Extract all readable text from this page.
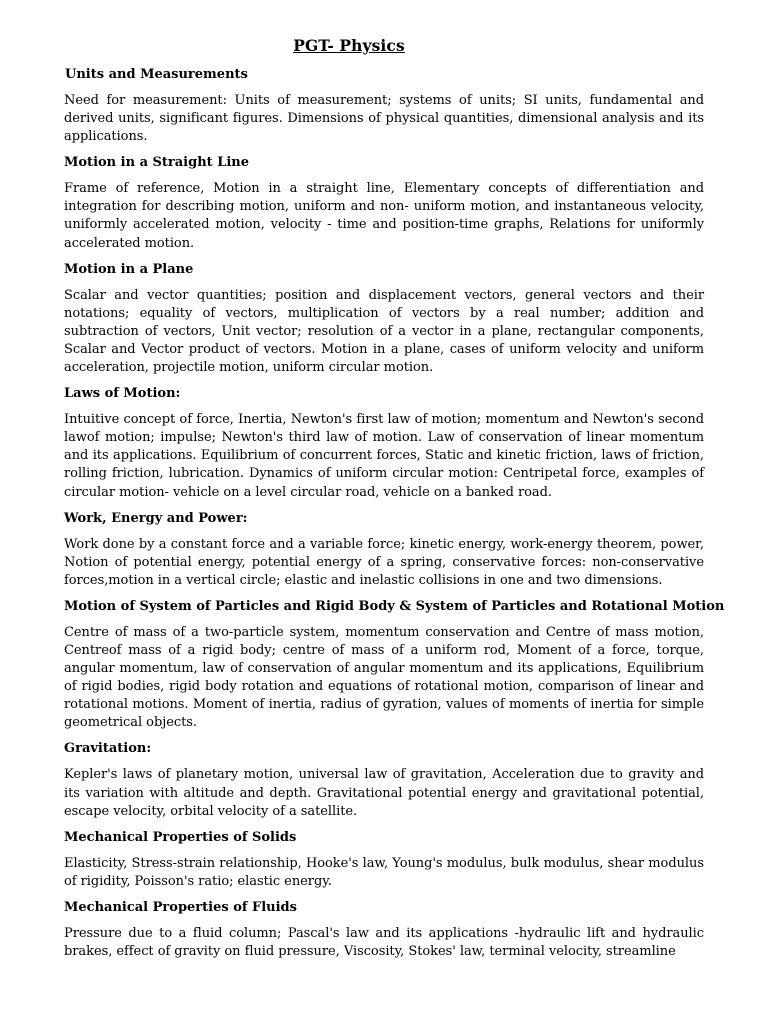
PGT- Physics
Units and Measurements
Need for measurement: Units of measurement; systems of units; SI units, fundamental and derived units, significant figures. Dimensions of physical quantities, dimensional analysis and its applications.
Motion in a Straight Line
Frame of reference, Motion in a straight line, Elementary concepts of differentiation and integration for describing motion, uniform and non- uniform motion, and instantaneous velocity, uniformly accelerated motion, velocity - time and position-time graphs, Relations for uniformly accelerated motion.
Motion in a Plane
Scalar and vector quantities; position and displacement vectors, general vectors and their notations; equality of vectors, multiplication of vectors by a real number; addition and subtraction of vectors, Unit vector; resolution of a vector in a plane, rectangular components, Scalar and Vector product of vectors. Motion in a plane, cases of uniform velocity and uniform acceleration, projectile motion, uniform circular motion.
Laws of Motion:
Intuitive concept of force, Inertia, Newton's first law of motion; momentum and Newton's second lawof motion; impulse; Newton's third law of motion. Law of conservation of linear momentum and its applications. Equilibrium of concurrent forces, Static and kinetic friction, laws of friction, rolling friction, lubrication. Dynamics of uniform circular motion: Centripetal force, examples of circular motion- vehicle on a level circular road, vehicle on a banked road.
Work, Energy and Power:
Work done by a constant force and a variable force; kinetic energy, work-energy theorem, power, Notion of potential energy, potential energy of a spring, conservative forces: non-conservative forces,motion in a vertical circle; elastic and inelastic collisions in one and two dimensions.
Motion of System of Particles and Rigid Body & System of Particles and Rotational Motion
Centre of mass of a two-particle system, momentum conservation and Centre of mass motion, Centreof mass of a rigid body; centre of mass of a uniform rod, Moment of a force, torque, angular momentum, law of conservation of angular momentum and its applications, Equilibrium of rigid bodies, rigid body rotation and equations of rotational motion, comparison of linear and rotational motions. Moment of inertia, radius of gyration, values of moments of inertia for simple geometrical objects.
Gravitation:
Kepler's laws of planetary motion, universal law of gravitation, Acceleration due to gravity and its variation with altitude and depth. Gravitational potential energy and gravitational potential, escape velocity, orbital velocity of a satellite.
Mechanical Properties of Solids
Elasticity, Stress-strain relationship, Hooke's law, Young's modulus, bulk modulus, shear modulus of rigidity, Poisson's ratio; elastic energy.
Mechanical Properties of Fluids
Pressure due to a fluid column; Pascal's law and its applications -hydraulic lift and hydraulic brakes, effect of gravity on fluid pressure, Viscosity, Stokes' law, terminal velocity, streamline
